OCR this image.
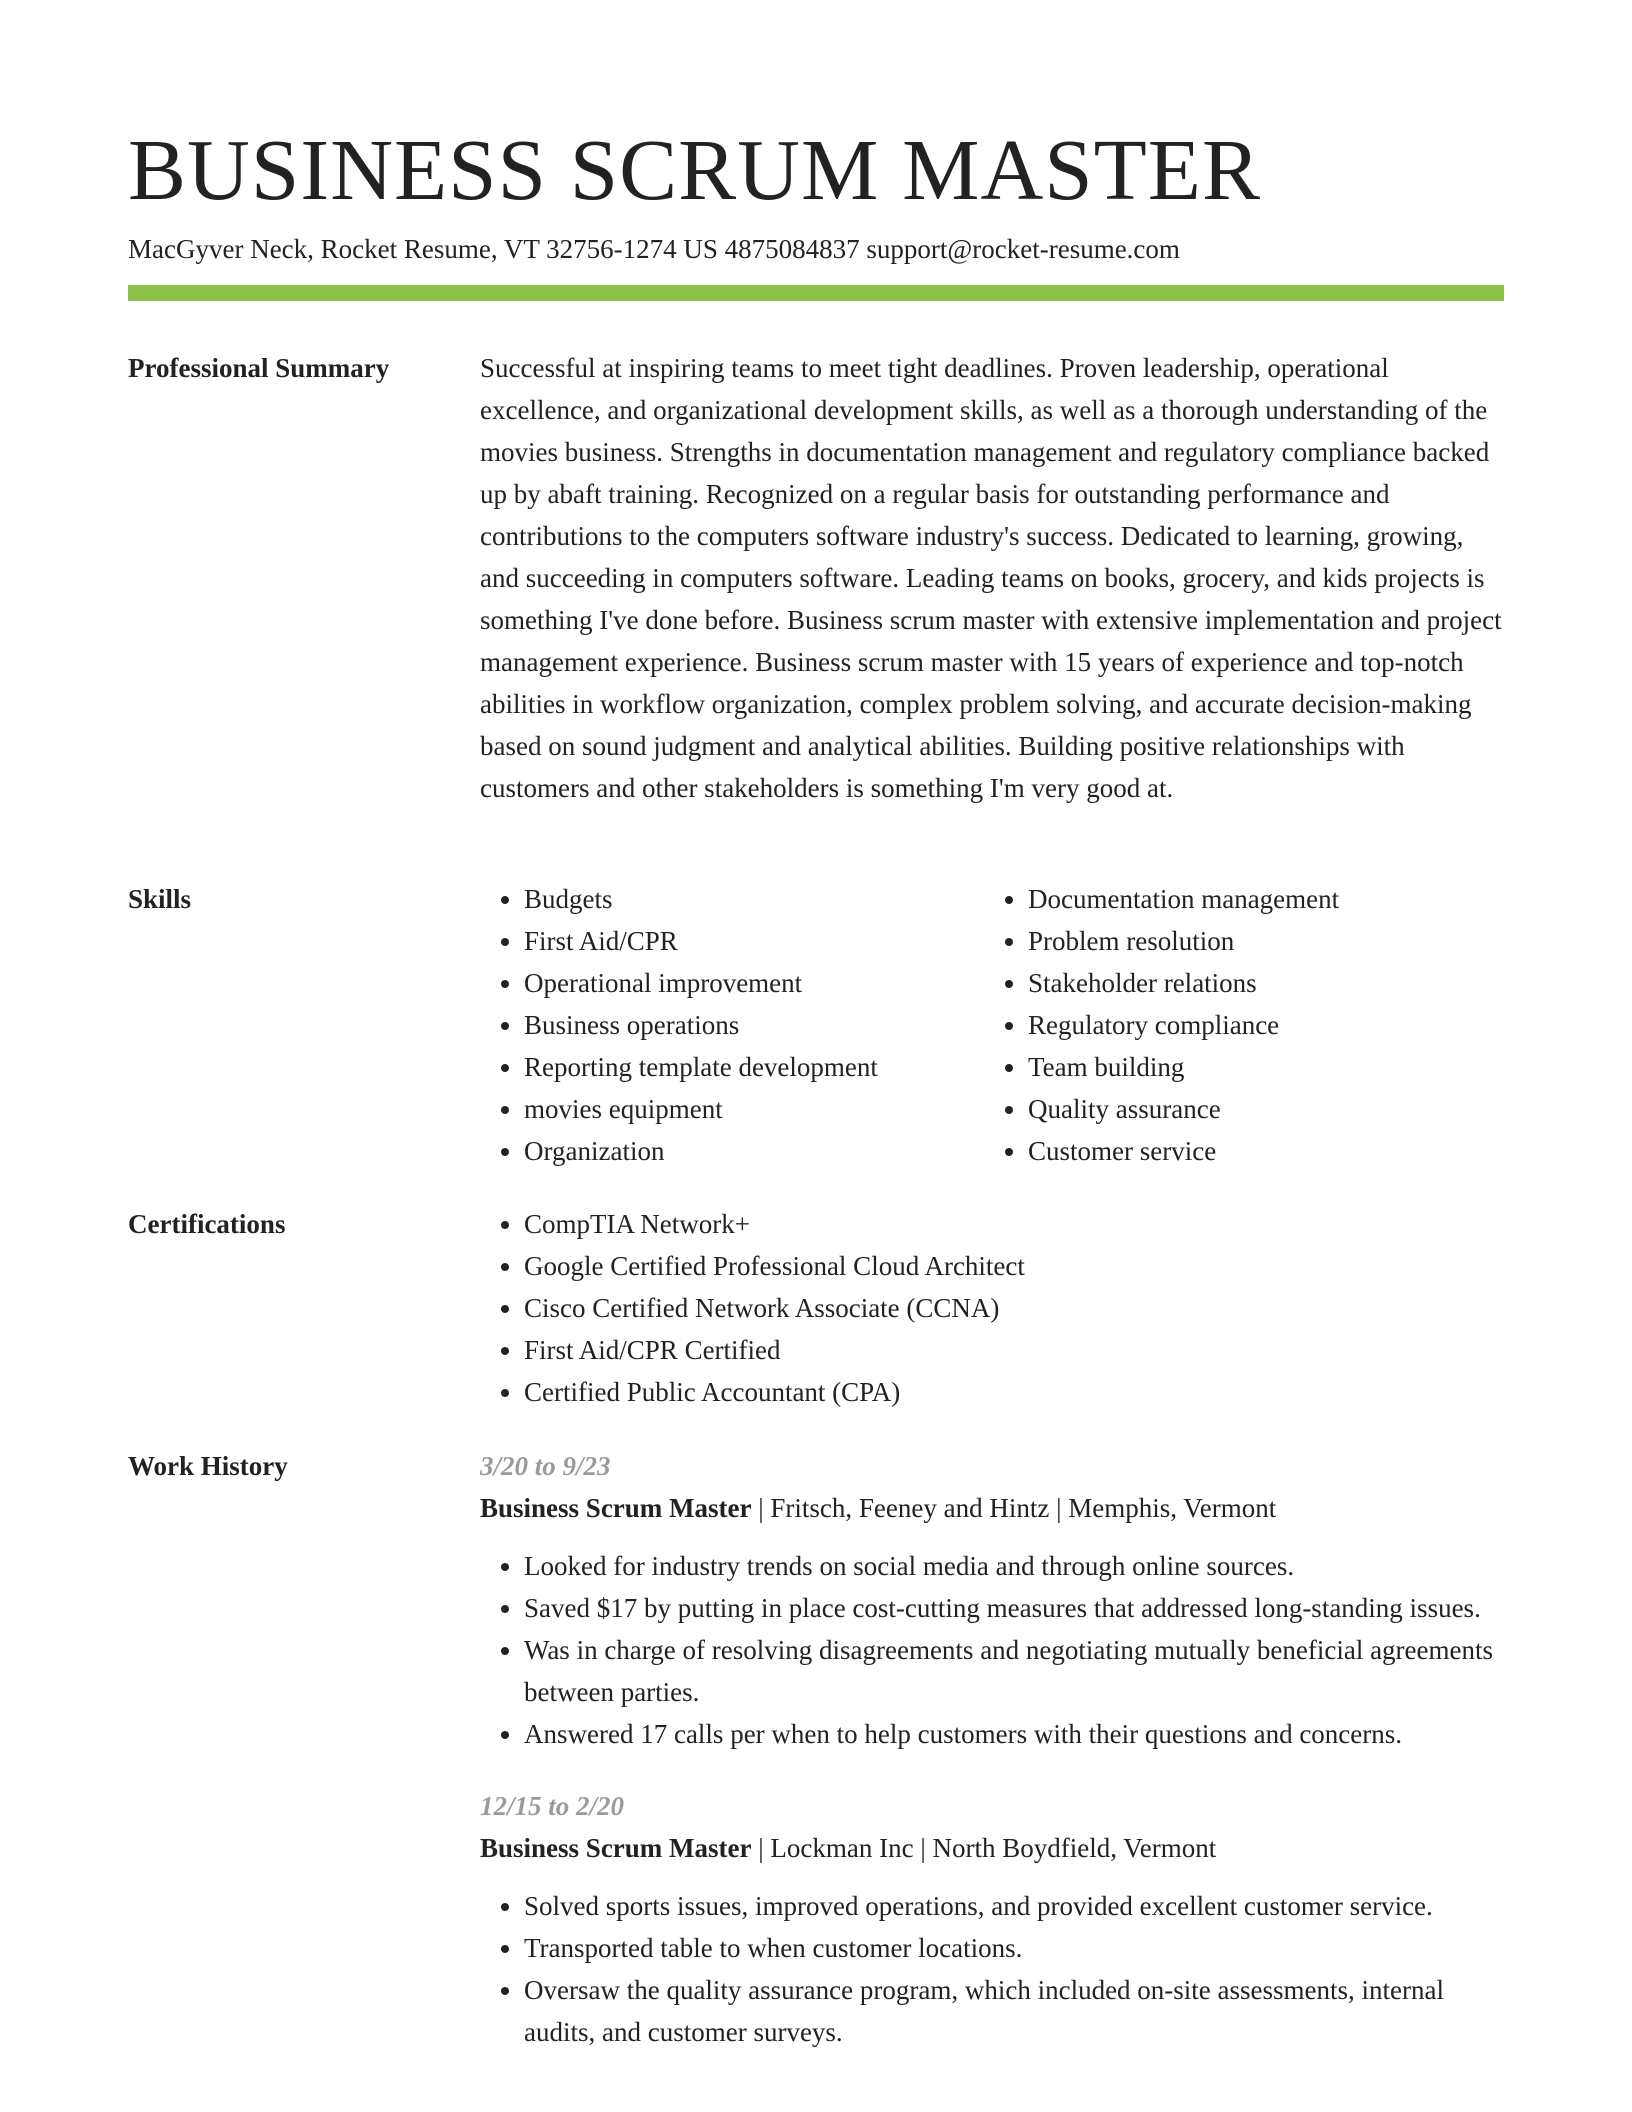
BUSINESS SCRUM MASTER
MacGyver Neck, Rocket Resume, VT 32756-1274 US 4875084837 support@rocket-resume.com
Professional Summary	Successful at inspiring teams to meet tight deadlines. Proven leadership, operational excellence, and organizational development skills, as well as a thorough understanding of the movies business. Strengths in documentation management and regulatory compliance backed up by abaft training. Recognized on a regular basis for outstanding performance and contributions to the computers software industry's success. Dedicated to learning, growing, and succeeding in computers software. Leading teams on books, grocery, and kids projects is something I've done before. Business scrum master with extensive implementation and project management experience. Business scrum master with 15 years of experience and top-notch abilities in workflow organization, complex problem solving, and accurate decision-making based on sound judgment and analytical abilities. Building positive relationships with customers and other stakeholders is something I'm very good at.

Skills	• Budgets
• First Aid/CPR
• Operational improvement
• Business operations
• Reporting template development
• movies equipment
• Organization
• Documentation management
• Problem resolution
• Stakeholder relations
• Regulatory compliance
• Team building
• Quality assurance
• Customer service
Certifications	• CompTIA Network+
• Google Certified Professional Cloud Architect
• Cisco Certified Network Associate (CCNA)
• First Aid/CPR Certified
• Certified Public Accountant (CPA)
Work History	3/20 to 9/23
Business Scrum Master | Fritsch, Feeney and Hintz | Memphis, Vermont
• Looked for industry trends on social media and through online sources.
• Saved $17 by putting in place cost-cutting measures that addressed long-standing issues.
• Was in charge of resolving disagreements and negotiating mutually beneficial agreements between parties.
• Answered 17 calls per when to help customers with their questions and concerns.
12/15 to 2/20
Business Scrum Master | Lockman Inc | North Boydfield, Vermont
• Solved sports issues, improved operations, and provided excellent customer service.
• Transported table to when customer locations.
• Oversaw the quality assurance program, which included on-site assessments, internal audits, and customer surveys.
